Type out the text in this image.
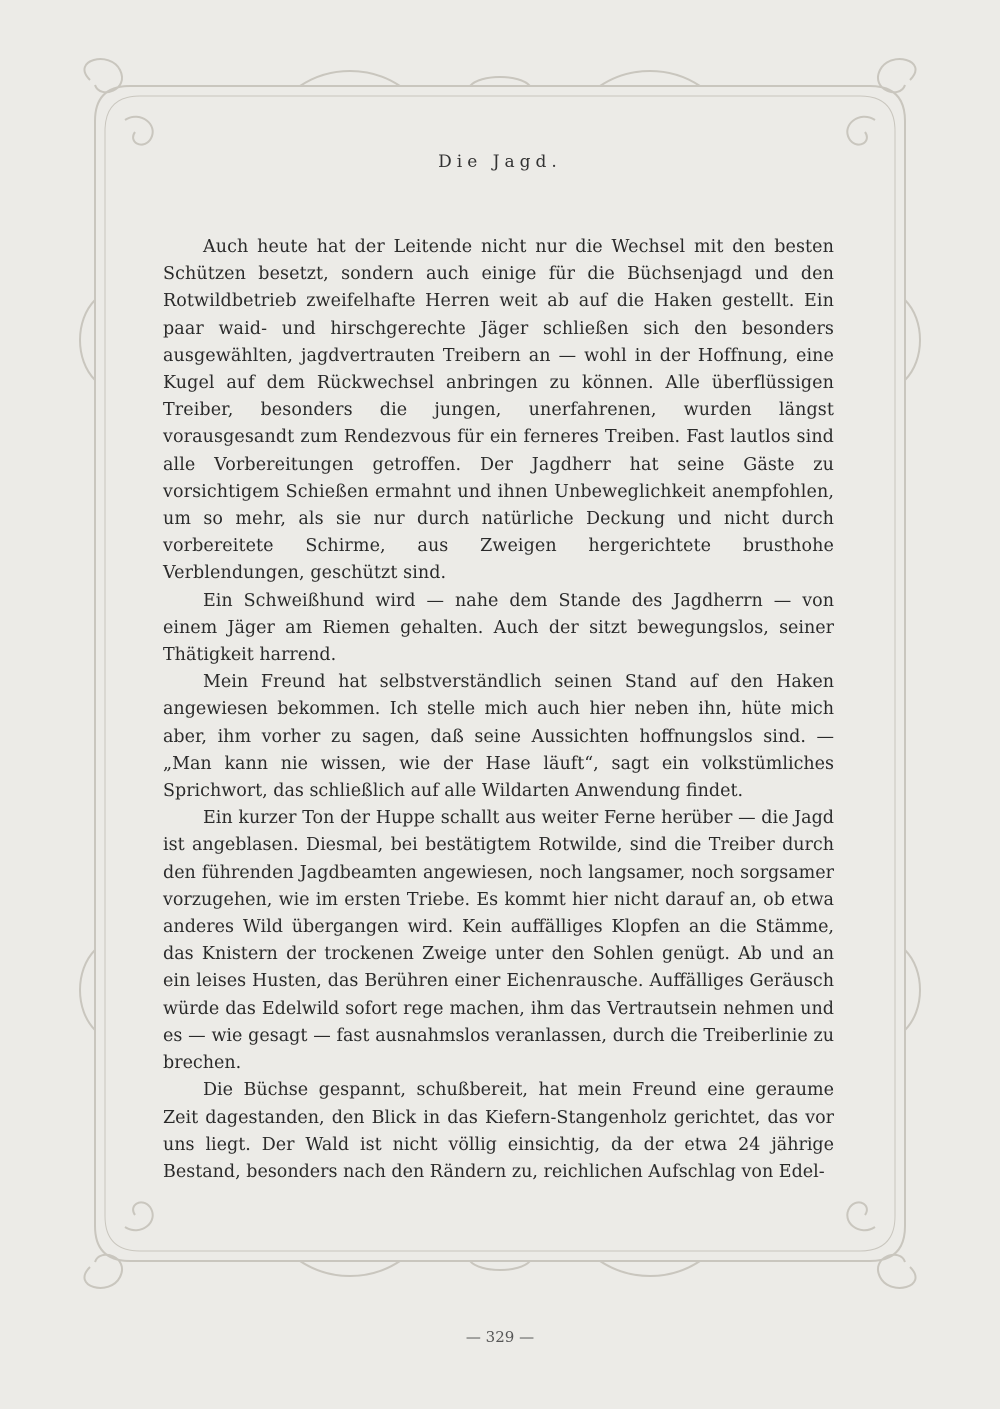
Die Jagd.

Auch heute hat der Leitende nicht nur die Wechsel mit den besten Schützen besetzt, sondern auch einige für die Büchsenjagd und den Rotwildbetrieb zweifelhafte Herren weit ab auf die Haken gestellt. Ein paar waid- und hirschgerechte Jäger schließen sich den besonders ausgewählten, jagdvertrauten Treibern an — wohl in der Hoffnung, eine Kugel auf dem Rückwechsel anbringen zu können. Alle überflüssigen Treiber, besonders die jungen, unerfahrenen, wurden längst vorausgesandt zum Rendezvous für ein ferneres Treiben. Fast lautlos sind alle Vorbereitungen getroffen. Der Jagdherr hat seine Gäste zu vorsichtigem Schießen ermahnt und ihnen Unbeweglichkeit anempfohlen, um so mehr, als sie nur durch natürliche Deckung und nicht durch vorbereitete Schirme, aus Zweigen hergerichtete brusthohe Verblendungen, geschützt sind.

Ein Schweißhund wird — nahe dem Stande des Jagdherrn — von einem Jäger am Riemen gehalten. Auch der sitzt bewegungslos, seiner Thätigkeit harrend.

Mein Freund hat selbstverständlich seinen Stand auf den Haken angewiesen bekommen. Ich stelle mich auch hier neben ihn, hüte mich aber, ihm vorher zu sagen, daß seine Aussichten hoffnungslos sind. — „Man kann nie wissen, wie der Hase läuft“, sagt ein volkstümliches Sprichwort, das schließlich auf alle Wildarten Anwendung findet.

Ein kurzer Ton der Huppe schallt aus weiter Ferne herüber — die Jagd ist angeblasen. Diesmal, bei bestätigtem Rotwilde, sind die Treiber durch den führenden Jagdbeamten angewiesen, noch langsamer, noch sorgsamer vorzugehen, wie im ersten Triebe. Es kommt hier nicht darauf an, ob etwa anderes Wild übergangen wird. Kein auffälliges Klopfen an die Stämme, das Knistern der trockenen Zweige unter den Sohlen genügt. Ab und an ein leises Husten, das Berühren einer Eichenrausche. Auffälliges Geräusch würde das Edelwild sofort rege machen, ihm das Vertrautsein nehmen und es — wie gesagt — fast ausnahmslos veranlassen, durch die Treiberlinie zu brechen.

Die Büchse gespannt, schußbereit, hat mein Freund eine geraume Zeit dagestanden, den Blick in das Kiefern-Stangenholz gerichtet, das vor uns liegt. Der Wald ist nicht völlig einsichtig, da der etwa 24 jährige Bestand, besonders nach den Rändern zu, reichlichen Aufschlag von Edel-

— 329 —
